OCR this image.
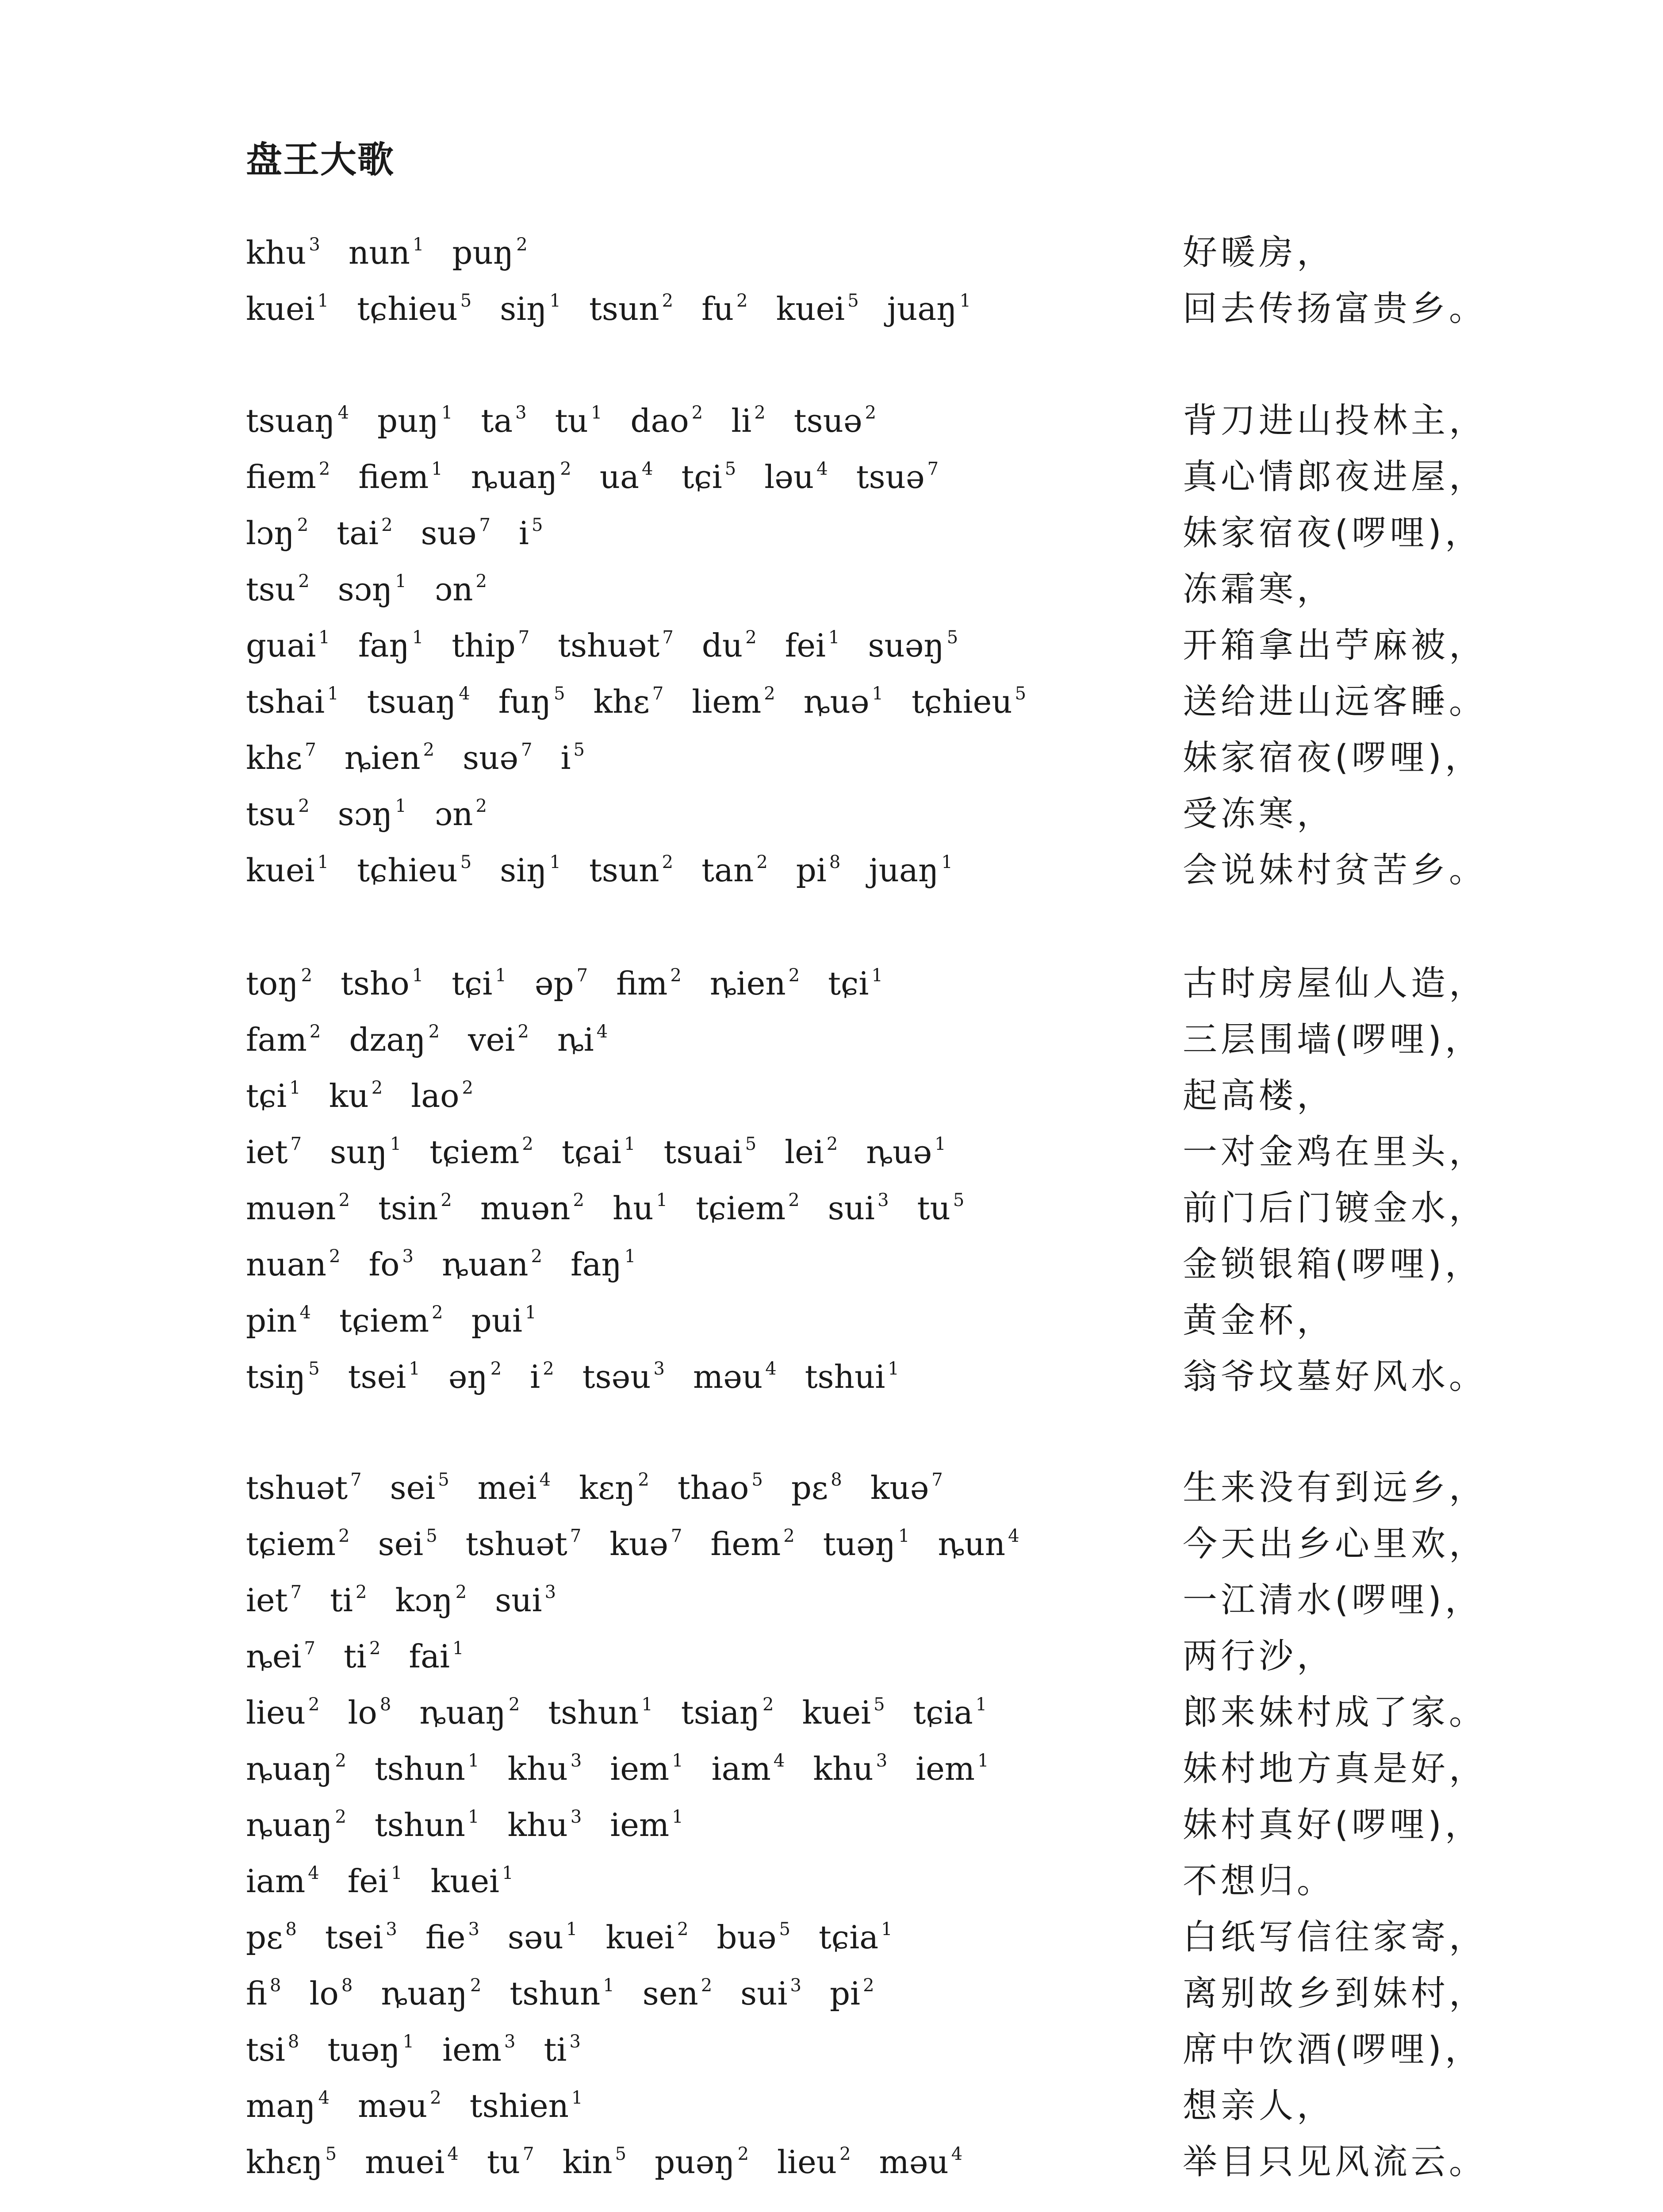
盘王大歌
khu $^3$ nun $^1$ puŋ $^2$	好暖房，
kuei $^1$ tɕhieu $^5$ siŋ $^1$ tsun $^2$ fu $^2$ kuei $^5$ juaŋ $^1$	回去传扬富贵乡。
tsuaŋ $^4$ puŋ $^1$ ta $^3$ tu $^1$ dao $^2$ li $^2$ tsuə $^2$	背刀进山投林主，
fiem $^2$ fiem $^1$ ȵuaŋ $^2$ ua $^4$ tɕi $^5$ ləu $^4$ tsuə $^7$	真心情郎夜进屋，
lɔŋ $^2$ tai $^2$ suə $^7$ i $^5$	妹家宿夜(啰哩)，
tsu $^2$ sɔŋ $^1$ ɔn $^2$	冻霜寒，
guai $^1$ faŋ $^1$ thip $^7$ tshuət $^7$ du $^2$ fei $^1$ suəŋ $^5$	开箱拿出苧麻被，
tshai $^1$ tsuaŋ $^4$ fuŋ $^5$ khɛ $^7$ liem $^2$ ȵuə $^1$ tɕhieu $^5$	送给进山远客睡。
khɛ $^7$ ȵien $^2$ suə $^7$ i $^5$	妹家宿夜(啰哩)，
tsu $^2$ sɔŋ $^1$ ɔn $^2$	受冻寒，
kuei $^1$ tɕhieu $^5$ siŋ $^1$ tsun $^2$ tan $^2$ pi $^8$ juaŋ $^1$	会说妹村贫苦乡。
toŋ $^2$ tsho $^1$ tɕi $^1$ əp $^7$ fim $^2$ ȵien $^2$ tɕi $^1$	古时房屋仙人造，
fam $^2$ dzaŋ $^2$ vei $^2$ ȵi $^4$	三层围墙(啰哩)，
tɕi $^1$ ku $^2$ lao $^2$	起高楼，
iet $^7$ suŋ $^1$ tɕiem $^2$ tɕai $^1$ tsuai $^5$ lei $^2$ ȵuə $^1$	一对金鸡在里头，
muən $^2$ tsin $^2$ muən $^2$ hu $^1$ tɕiem $^2$ sui $^3$ tu $^5$	前门后门镀金水，
nuan $^2$ fo $^3$ ȵuan $^2$ faŋ $^1$	金锁银箱(啰哩)，
pin $^4$ tɕiem $^2$ pui $^1$	黄金杯，
tsiŋ $^5$ tsei $^1$ əŋ $^2$ i $^2$ tsəu $^3$ məu $^4$ tshui $^1$	翁爷坟墓好风水。
tshuət $^7$ sei $^5$ mei $^4$ kɛŋ $^2$ thao $^5$ pɛ $^8$ kuə $^7$	生来没有到远乡，
tɕiem $^2$ sei $^5$ tshuət $^7$ kuə $^7$ fiem $^2$ tuəŋ $^1$ ȵun $^4$	今天出乡心里欢，
iet $^7$ ti $^2$ kɔŋ $^2$ sui $^3$	一江清水(啰哩)，
ȵei $^7$ ti $^2$ fai $^1$	两行沙，
lieu $^2$ lo $^8$ ȵuaŋ $^2$ tshun $^1$ tsiaŋ $^2$ kuei $^5$ tɕia $^1$	郎来妹村成了家。
ȵuaŋ $^2$ tshun $^1$ khu $^3$ iem $^1$ iam $^4$ khu $^3$ iem $^1$	妹村地方真是好，
ȵuaŋ $^2$ tshun $^1$ khu $^3$ iem $^1$	妹村真好(啰哩)，
iam $^4$ fei $^1$ kuei $^1$	不想归。
pɛ $^8$ tsei $^3$ fie $^3$ səu $^1$ kuei $^2$ buə $^5$ tɕia $^1$	白纸写信往家寄，
fi $^8$ lo $^8$ ȵuaŋ $^2$ tshun $^1$ sen $^2$ sui $^3$ pi $^2$	离别故乡到妹村，
tsi $^8$ tuəŋ $^1$ iem $^3$ ti $^3$	席中饮酒(啰哩)，
maŋ $^4$ məu $^2$ tshien $^1$	想亲人，
khɛŋ $^5$ muei $^4$ tu $^7$ kin $^5$ puəŋ $^2$ lieu $^2$ məu $^4$	举目只见风流云。
